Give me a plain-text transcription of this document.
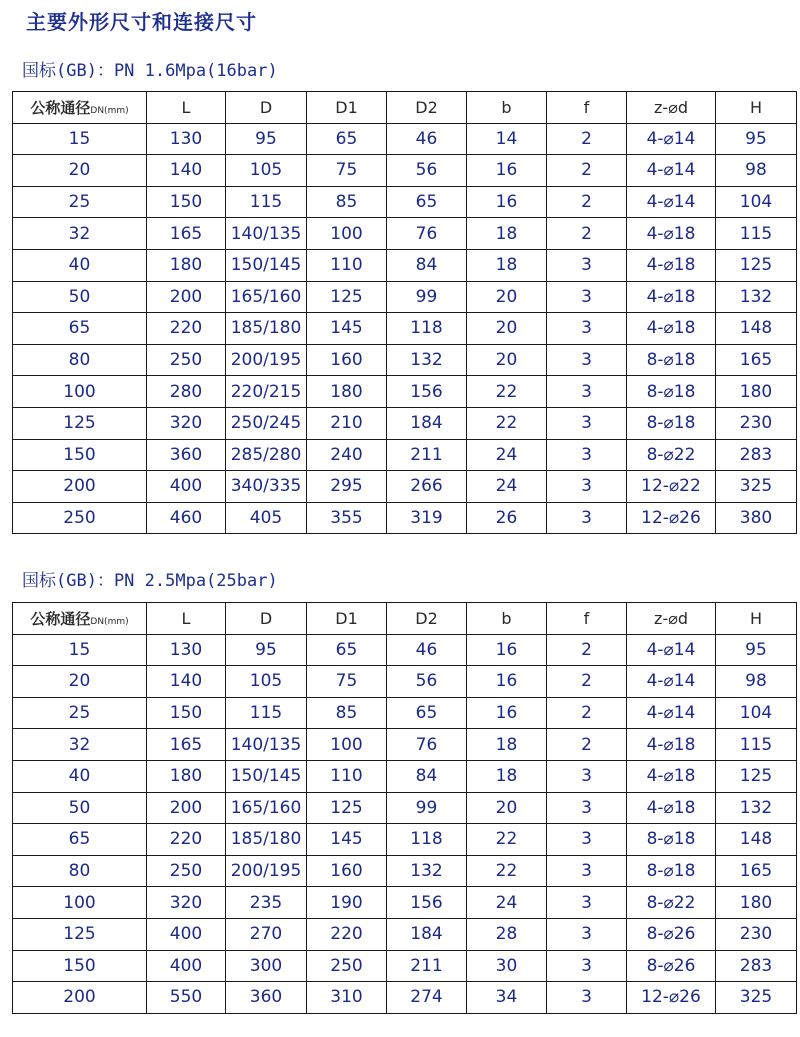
主要外形尺寸和连接尺寸
国标(GB)：PN 1.6Mpa(16bar)
公称通径DN(mm)	L	D	D1	D2	b	f	z-⌀d	H
15	130	95	65	46	14	2	4-⌀14	95
20	140	105	75	56	16	2	4-⌀14	98
25	150	115	85	65	16	2	4-⌀14	104
32	165	140/135	100	76	18	2	4-⌀18	115
40	180	150/145	110	84	18	3	4-⌀18	125
50	200	165/160	125	99	20	3	4-⌀18	132
65	220	185/180	145	118	20	3	4-⌀18	148
80	250	200/195	160	132	20	3	8-⌀18	165
100	280	220/215	180	156	22	3	8-⌀18	180
125	320	250/245	210	184	22	3	8-⌀18	230
150	360	285/280	240	211	24	3	8-⌀22	283
200	400	340/335	295	266	24	3	12-⌀22	325
250	460	405	355	319	26	3	12-⌀26	380
国标(GB)：PN 2.5Mpa(25bar)
公称通径DN(mm)	L	D	D1	D2	b	f	z-⌀d	H
15	130	95	65	46	16	2	4-⌀14	95
20	140	105	75	56	16	2	4-⌀14	98
25	150	115	85	65	16	2	4-⌀14	104
32	165	140/135	100	76	18	2	4-⌀18	115
40	180	150/145	110	84	18	3	4-⌀18	125
50	200	165/160	125	99	20	3	4-⌀18	132
65	220	185/180	145	118	22	3	8-⌀18	148
80	250	200/195	160	132	22	3	8-⌀18	165
100	320	235	190	156	24	3	8-⌀22	180
125	400	270	220	184	28	3	8-⌀26	230
150	400	300	250	211	30	3	8-⌀26	283
200	550	360	310	274	34	3	12-⌀26	325
